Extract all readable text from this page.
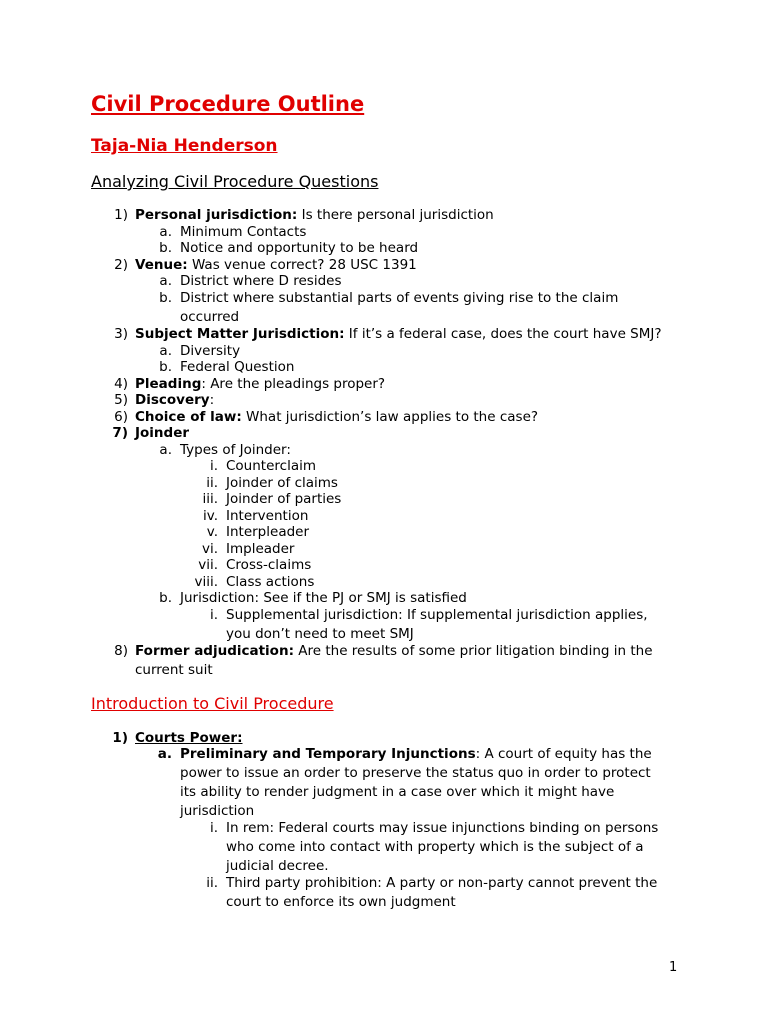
Civil Procedure Outline
Taja-Nia Henderson
Analyzing Civil Procedure Questions
1) Personal jurisdiction: Is there personal jurisdiction
a. Minimum Contacts
b. Notice and opportunity to be heard
2) Venue: Was venue correct? 28 USC 1391
a. District where D resides
b. District where substantial parts of events giving rise to the claim
occurred
3) Subject Matter Jurisdiction: If it’s a federal case, does the court have SMJ?
a. Diversity
b. Federal Question
4) Pleading: Are the pleadings proper?
5) Discovery:
6) Choice of law: What jurisdiction’s law applies to the case?
7) Joinder
a. Types of Joinder:
i. Counterclaim
ii. Joinder of claims
iii. Joinder of parties
iv. Intervention
v. Interpleader
vi. Impleader
vii. Cross-claims
viii. Class actions
b. Jurisdiction: See if the PJ or SMJ is satisfied
i. Supplemental jurisdiction: If supplemental jurisdiction applies,
you don’t need to meet SMJ
8) Former adjudication: Are the results of some prior litigation binding in the
current suit
Introduction to Civil Procedure
1) Courts Power:
a. Preliminary and Temporary Injunctions: A court of equity has the
power to issue an order to preserve the status quo in order to protect
its ability to render judgment in a case over which it might have
jurisdiction
i. In rem: Federal courts may issue injunctions binding on persons
who come into contact with property which is the subject of a
judicial decree.
ii. Third party prohibition: A party or non-party cannot prevent the
court to enforce its own judgment
1
